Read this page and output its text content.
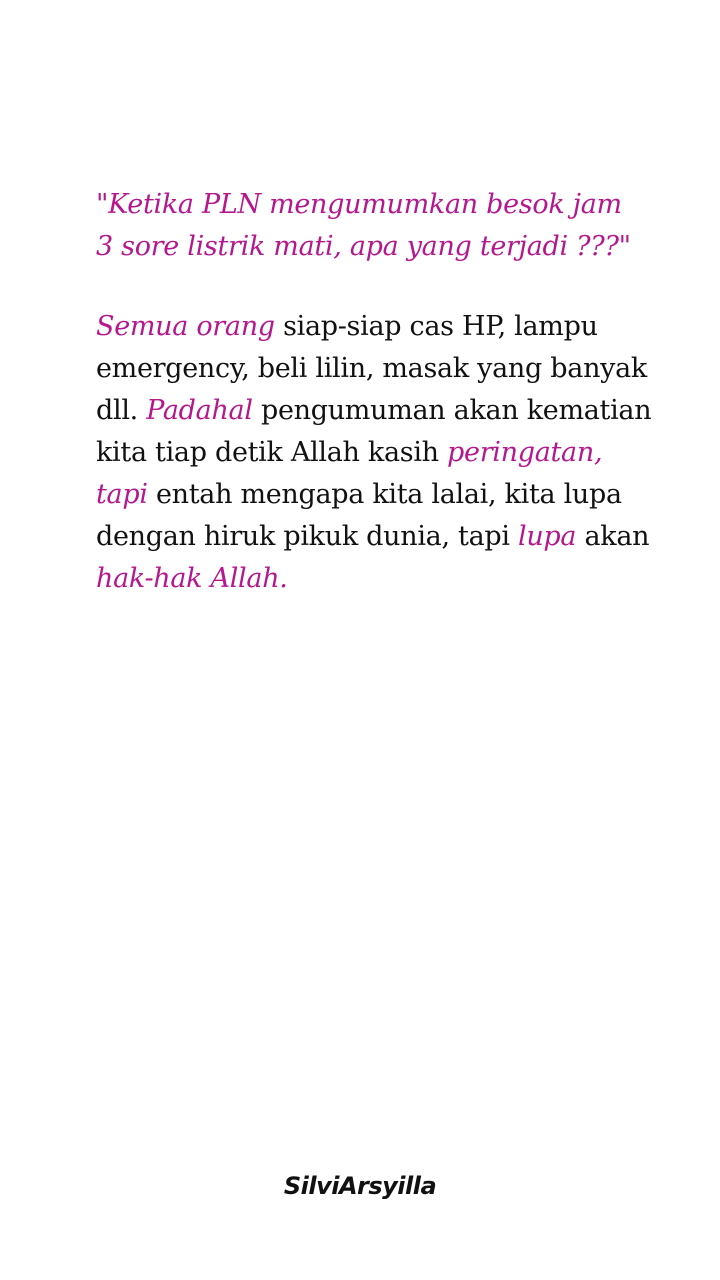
"Ketika PLN mengumumkan besok jam
3 sore listrik mati, apa yang terjadi ???"
Semua orang siap-siap cas HP, lampu
emergency, beli lilin, masak yang banyak
dll. Padahal pengumuman akan kematian
kita tiap detik Allah kasih peringatan,
tapi entah mengapa kita lalai, kita lupa
dengan hiruk pikuk dunia, tapi lupa akan
hak-hak Allah.
SilviArsyilla
